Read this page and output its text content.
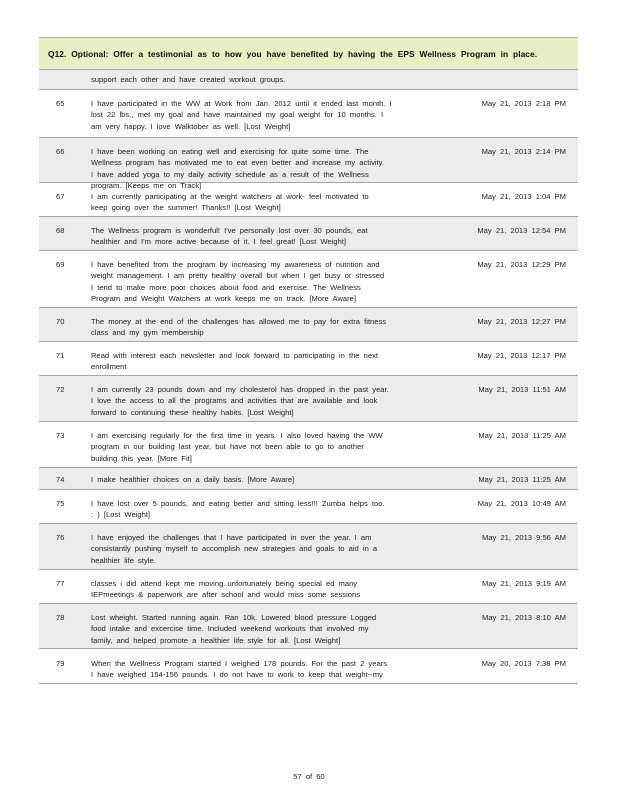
Q12. Optional: Offer a testimonial as to how you have benefited by having the EPS Wellness Program in place.
support each other and have created workout groups.
65	I have participated in the WW at Work from Jan. 2012 until it ended last month. I
lost 22 lbs., met my goal and have maintained my goal weight for 10 months. I
am very happy. I love Walktober as well. [Lost Weight]
May 21, 2013 2:18 PM
66	I have been working on eating well and exercising for quite some time. The
Wellness program has motivated me to eat even better and increase my activity.
I have added yoga to my daily activity schedule as a result of the Wellness
program. [Keeps me on Track]
May 21, 2013 2:14 PM
67	I am currently participating at the weight watchers at work- feel motivated to
keep going over the summer! Thanks!! [Lost Weight]
May 21, 2013 1:04 PM
68	The Wellness program is wonderful! I've personally lost over 30 pounds, eat
healthier and I'm more active because of it. I feel great! [Lost Weight]
May 21, 2013 12:54 PM
69	I have benefited from the program by increasing my awareness of nutrition and
weight management. I am pretty healthy overall but when I get busy or stressed
I tend to make more poor choices about food and exercise. The Wellness
Program and Weight Watchers at work keeps me on track. [More Aware]
May 21, 2013 12:29 PM
70	The money at the end of the challenges has allowed me to pay for extra fitness
class and my gym membership
May 21, 2013 12:27 PM
71	Read with interest each newsletter and look forward to participating in the next
enrollment
May 21, 2013 12:17 PM
72	I am currently 23 pounds down and my cholesterol has dropped in the past year.
I love the access to all the programs and activities that are available and look
forward to continuing these healthy habits. [Lost Weight]
May 21, 2013 11:51 AM
73	I am exercising regularly for the first time in years. I also loved having the WW
program in our building last year, but have not been able to go to another
building this year. [More Fit]
May 21, 2013 11:25 AM
74	I make healthier choices on a daily basis. [More Aware]	May 21, 2013 11:25 AM
75	I have lost over 5 pounds, and eating better and sitting less!!! Zumba helps too.
: ) [Lost Weight]
May 21, 2013 10:49 AM
76	I have enjoyed the challenges that I have participated in over the year. I am
consistantly pushing myself to accomplish new strategies and goals to aid in a
healthier life style.
May 21, 2013 9:56 AM
77	classes i did attend kept me moving..unfortunately being special ed many
IEPmeetings & paperwork are after school and would miss some sessions
May 21, 2013 9:19 AM
78	Lost wheight. Started running again. Ran 10k. Lowered blood pressure Logged
food intake and excercise time. Included weekend workouts that involved my
family, and helped promote a healthier life style for all. [Lost Weight]
May 21, 2013 8:10 AM
79	When the Wellness Program started I weighed 178 pounds. For the past 2 years
I have weighed 154-156 pounds. I do not have to work to keep that weight--my
May 20, 2013 7:38 PM
57 of 60
